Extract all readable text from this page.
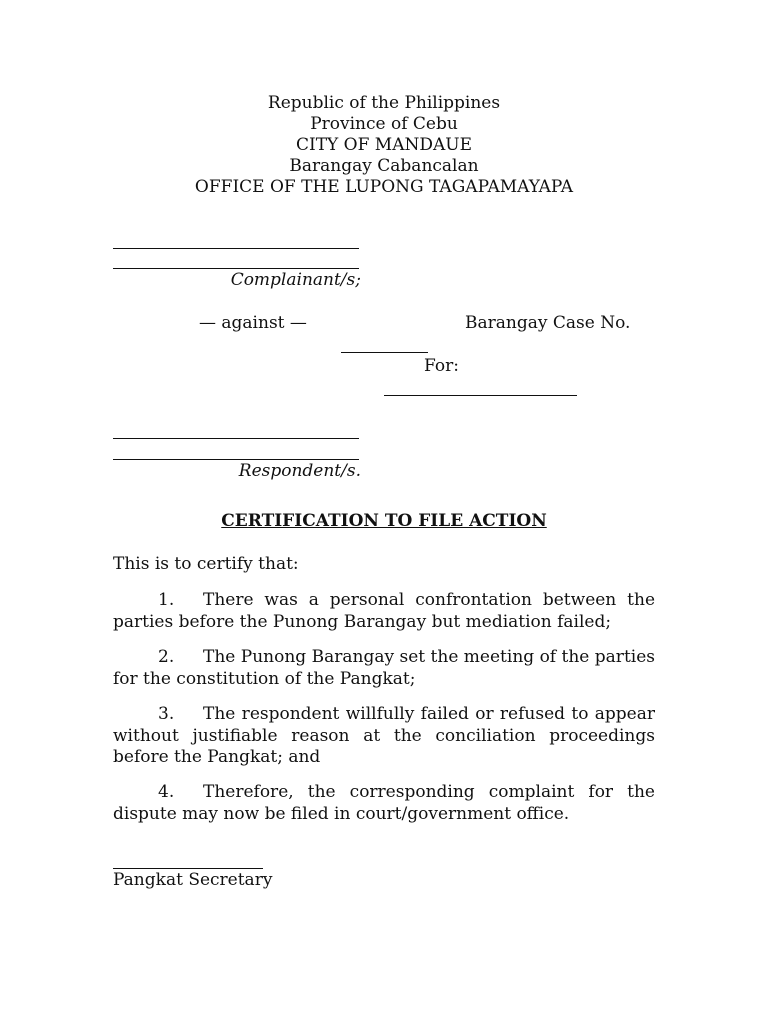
Republic of the Philippines
Province of Cebu
CITY OF MANDAUE
Barangay Cabancalan
OFFICE OF THE LUPONG TAGAPAMAYAPA
Complainant/s;
— against —	Barangay Case No.
For:
Respondent/s.
CERTIFICATION TO FILE ACTION
This is to certify that:
1. There was a personal confrontation between the parties before the Punong Barangay but mediation failed;
2. The Punong Barangay set the meeting of the parties for the constitution of the Pangkat;
3. The respondent willfully failed or refused to appear without justifiable reason at the conciliation proceedings before the Pangkat; and
4. Therefore, the corresponding complaint for the dispute may now be filed in court/government office.
Pangkat Secretary
